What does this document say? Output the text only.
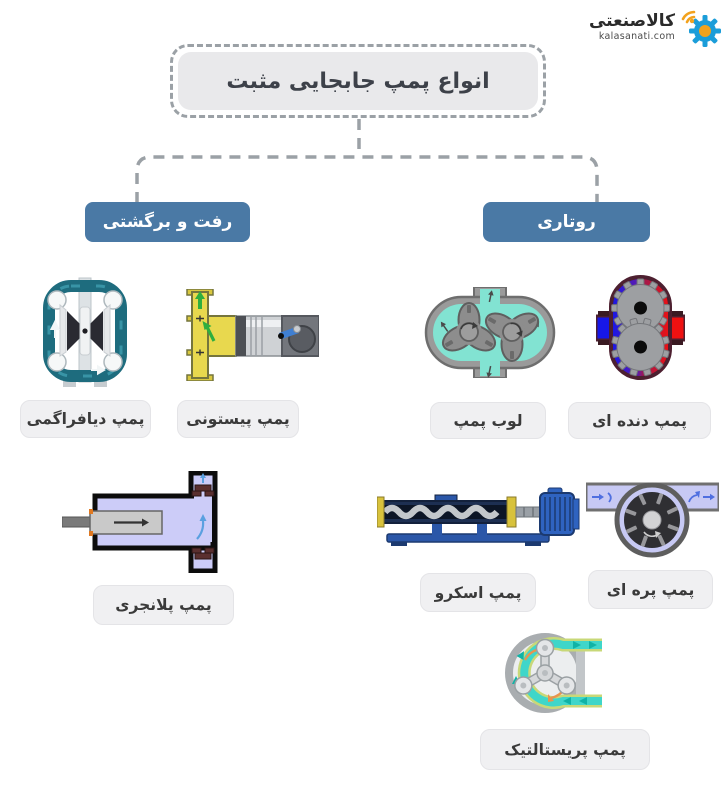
کالاصنعتی
kalasanati.com
انواع پمپ جابجایی مثبت
رفت و برگشتی	روتاری
پمپ دیافراگمی	پمپ پیستونی	لوب پمپ	پمپ دنده ای
پمپ پلانجری
پمپ اسکرو	پمپ پره ای
پمپ پریستالتیک
